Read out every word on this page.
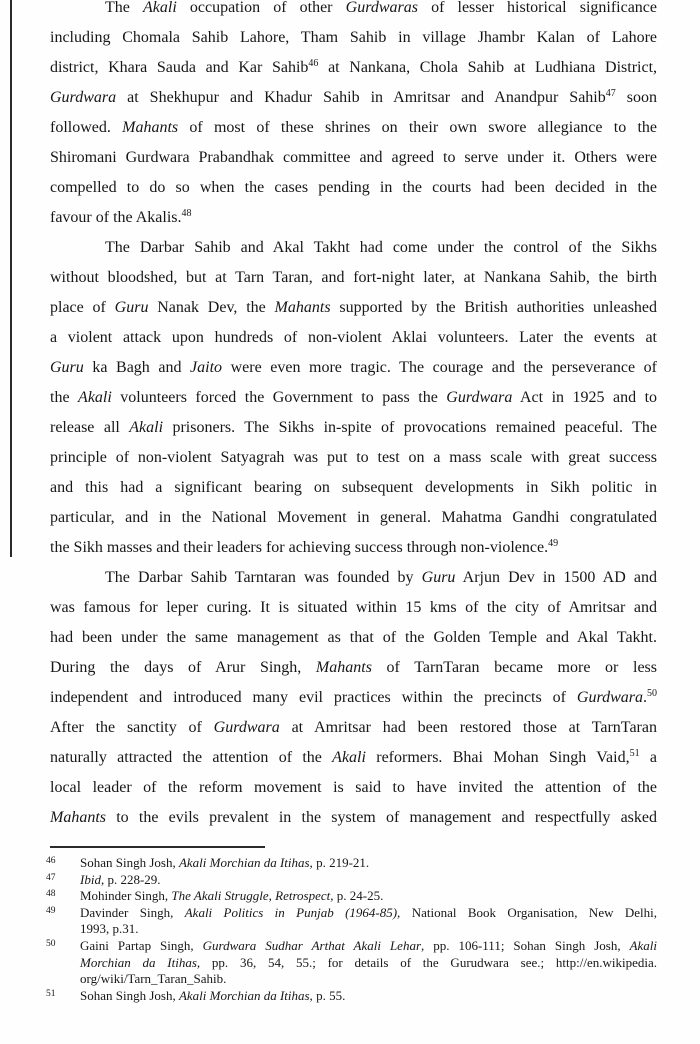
The Akali occupation of other Gurdwaras of lesser historical significance
including Chomala Sahib Lahore, Tham Sahib in village Jhambr Kalan of Lahore
district, Khara Sauda and Kar Sahib$^{46}$ at Nankana, Chola Sahib at Ludhiana District,
Gurdwara at Shekhupur and Khadur Sahib in Amritsar and Anandpur Sahib$^{47}$ soon
followed. Mahants of most of these shrines on their own swore allegiance to the
Shiromani Gurdwara Prabandhak committee and agreed to serve under it. Others were
compelled to do so when the cases pending in the courts had been decided in the
favour of the Akalis.$^{48}$
The Darbar Sahib and Akal Takht had come under the control of the Sikhs
without bloodshed, but at Tarn Taran, and fort-night later, at Nankana Sahib, the birth
place of Guru Nanak Dev, the Mahants supported by the British authorities unleashed
a violent attack upon hundreds of non-violent Aklai volunteers. Later the events at
Guru ka Bagh and Jaito were even more tragic. The courage and the perseverance of
the Akali volunteers forced the Government to pass the Gurdwara Act in 1925 and to
release all Akali prisoners. The Sikhs in-spite of provocations remained peaceful. The
principle of non-violent Satyagrah was put to test on a mass scale with great success
and this had a significant bearing on subsequent developments in Sikh politic in
particular, and in the National Movement in general. Mahatma Gandhi congratulated
the Sikh masses and their leaders for achieving success through non-violence.$^{49}$
The Darbar Sahib Tarntaran was founded by Guru Arjun Dev in 1500 AD and
was famous for leper curing. It is situated within 15 kms of the city of Amritsar and
had been under the same management as that of the Golden Temple and Akal Takht.
During the days of Arur Singh, Mahants of TarnTaran became more or less
independent and introduced many evil practices within the precincts of Gurdwara.$^{50}$
After the sanctity of Gurdwara at Amritsar had been restored those at TarnTaran
naturally attracted the attention of the Akali reformers. Bhai Mohan Singh Vaid,$^{51}$ a
local leader of the reform movement is said to have invited the attention of the
Mahants to the evils prevalent in the system of management and respectfully asked
46	Sohan Singh Josh, Akali Morchian da Itihas, p. 219-21.
47	Ibid, p. 228-29.
48	Mohinder Singh, The Akali Struggle, Retrospect, p. 24-25.
49	Davinder Singh, Akali Politics in Punjab (1964-85), National Book Organisation, New Delhi,
1993, p.31.
50	Gaini Partap Singh, Gurdwara Sudhar Arthat Akali Lehar, pp. 106-111; Sohan Singh Josh, Akali
Morchian da Itihas, pp. 36, 54, 55.; for details of the Gurudwara see.; http://en.wikipedia.
org/wiki/Tarn_Taran_Sahib.
51	Sohan Singh Josh, Akali Morchian da Itihas, p. 55.
